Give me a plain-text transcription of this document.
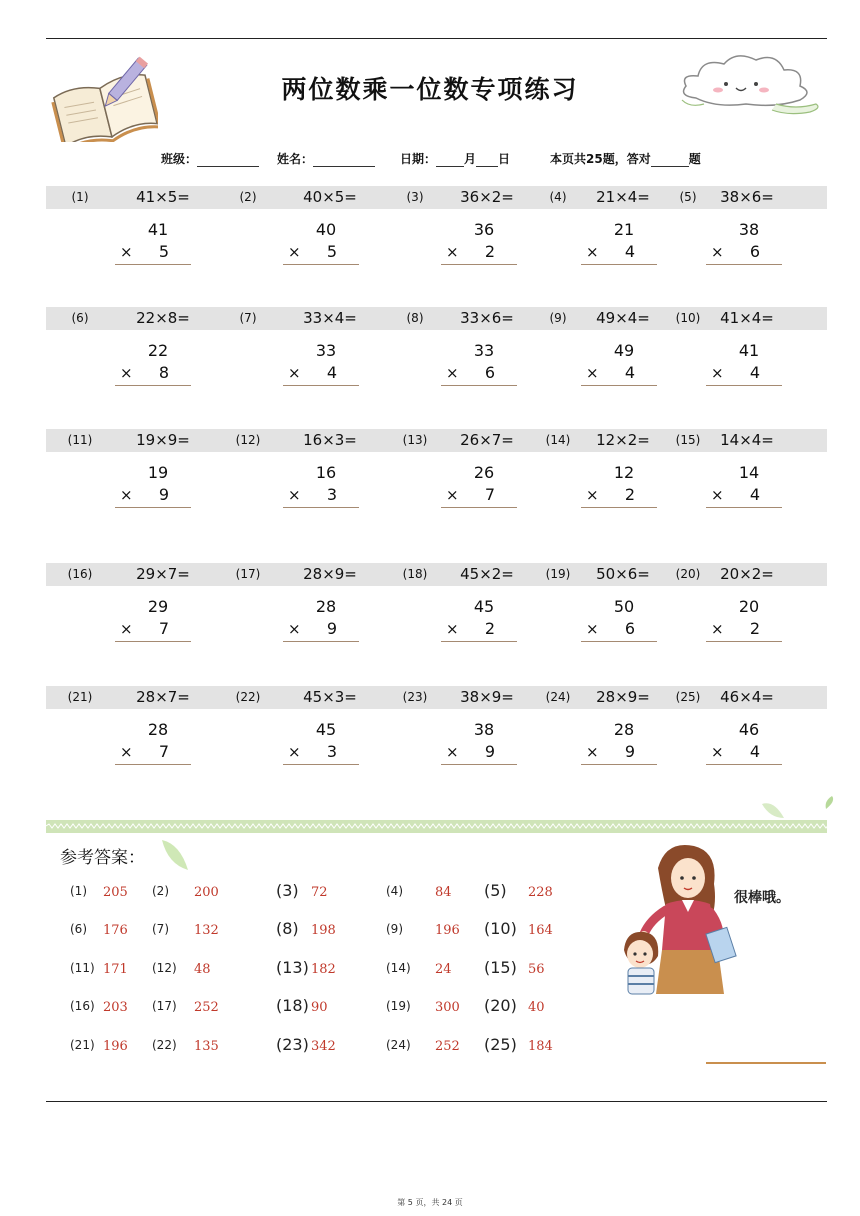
两位数乘一位数专项练习
班级：	姓名：	日期： 月 日	本页共25题，答对	题
(1)	41×5=
41
×	5
(2)	40×5=
40
×	5
(3)	36×2=
36
×	2
(4)	21×4=
21
×	4
(5)	38×6=
38
×	6
(6)	22×8=
22
×	8
(7)	33×4=
33
×	4
(8)	33×6=
33
×	6
(9)	49×4=
49
×	4
(10)	41×4=
41
×	4
(11)	19×9=
19
×	9
(12)	16×3=
16
×	3
(13)	26×7=
26
×	7
(14)	12×2=
12
×	2
(15)	14×4=
14
×	4
(16)	29×7=
29
×	7
(17)	28×9=
28
×	9
(18)	45×2=
45
×	2
(19)	50×6=
50
×	6
(20)	20×2=
20
×	2
(21)	28×7=
28
×	7
(22)	45×3=
45
×	3
(23)	38×9=
38
×	9
(24)	28×9=
28
×	9
(25)	46×4=
46
×	4
参考答案：
(1) 205 (2) 200	(3) 72	(4) 84 (5) 228
(6) 176 (7) 132	(8) 198	(9) 196 (10) 164
(11) 171 (12) 48	(13) 182	(14) 24 (15) 56
(16) 203 (17) 252	(18) 90	(19) 300 (20) 40
(21) 196 (22) 135	(23) 342	(24) 252 (25) 184
很棒哦。
第 5 页，共 24 页
